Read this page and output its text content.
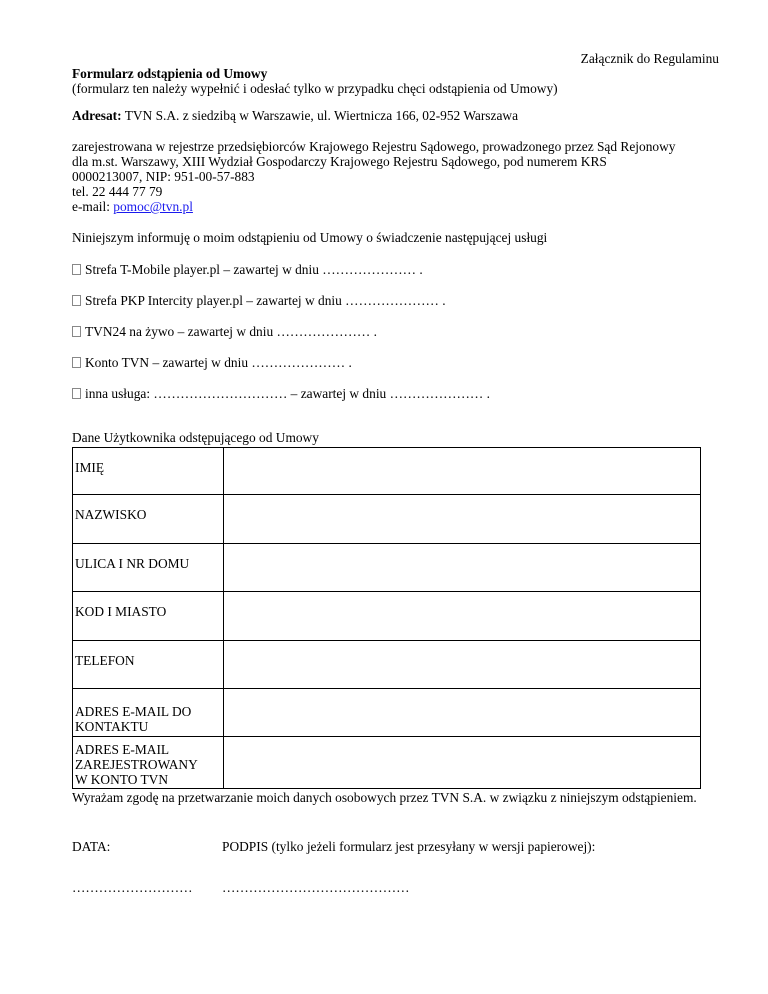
Załącznik do Regulaminu
Formularz odstąpienia od Umowy
(formularz ten należy wypełnić i odesłać tylko w przypadku chęci odstąpienia od Umowy)
Adresat: TVN S.A. z siedzibą w Warszawie, ul. Wiertnicza 166, 02-952 Warszawa
zarejestrowana w rejestrze przedsiębiorców Krajowego Rejestru Sądowego, prowadzonego przez Sąd Rejonowy
dla m.st. Warszawy, XIII Wydział Gospodarczy Krajowego Rejestru Sądowego, pod numerem KRS
0000213007, NIP: 951-00-57-883
tel. 22 444 77 79
e-mail: pomoc@tvn.pl
Niniejszym informuję o moim odstąpieniu od Umowy o świadczenie następującej usługi
Strefa T-Mobile player.pl – zawartej w dniu ………………… .
Strefa PKP Intercity player.pl – zawartej w dniu ………………… .
TVN24 na żywo – zawartej w dniu ………………… .
Konto TVN – zawartej w dniu ………………… .
inna usługa: ………………………… – zawartej w dniu ………………… .
Dane Użytkownika odstępującego od Umowy
IMIĘ	

NAZWISKO	

ULICA I NR DOMU	

KOD I MIASTO	

TELEFON	

ADRES E-MAIL DO
KONTAKTU	

ADRES E-MAIL
ZAREJESTROWANY
W KONTO TVN	

Wyrażam zgodę na przetwarzanie moich danych osobowych przez TVN S.A. w związku z niniejszym odstąpieniem.
DATA:	PODPIS (tylko jeżeli formularz jest przesyłany w wersji papierowej):
……………………… ……………………………………
